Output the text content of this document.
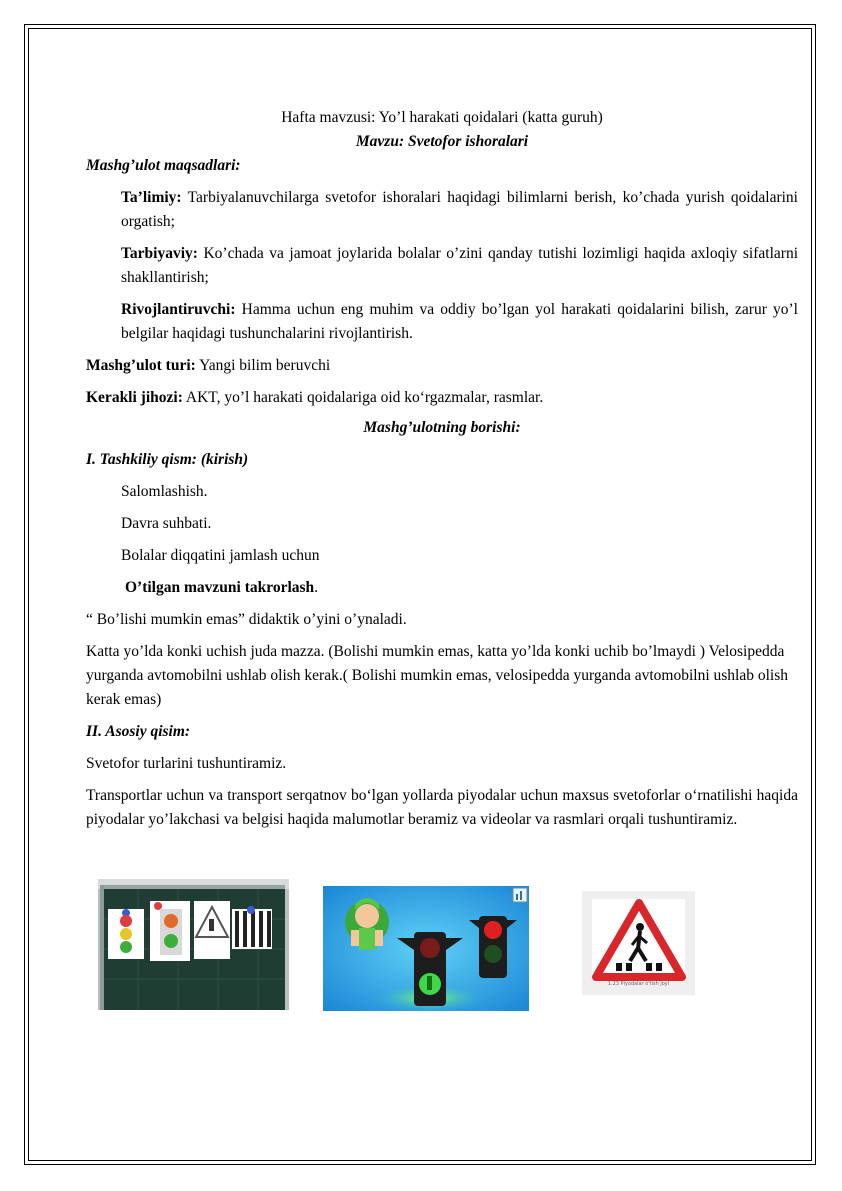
Hafta mavzusi: Yo’l harakati qoidalari (katta guruh)

Mavzu: Svetofor ishoralari

Mashg’ulot maqsadlari:

Ta’limiy: Tarbiyalanuvchilarga svetofor ishoralari haqidagi bilimlarni berish, ko’chada yurish qoidalarini orgatish;

Tarbiyaviy: Ko’chada va jamoat joylarida bolalar o’zini qanday tutishi lozimligi haqida axloqiy sifatlarni shakllantirish;

Rivojlantiruvchi: Hamma uchun eng muhim va oddiy bo’lgan yol harakati qoidalarini bilish, zarur yo’l belgilar haqidagi tushunchalarini rivojlantirish.

Mashg’ulot turi: Yangi bilim beruvchi

Kerakli jihozi: AKT, yo’l harakati qoidalariga oid ko‘rgazmalar, rasmlar.

Mashg’ulotning borishi:

I. Tashkiliy qism: (kirish)

Salomlashish.

Davra suhbati.

Bolalar diqqatini jamlash uchun

O’tilgan mavzuni takrorlash.

“ Bo’lishi mumkin emas” didaktik o’yini o’ynaladi.

Katta yo’lda konki uchish juda mazza. (Bolishi mumkin emas, katta yo’lda konki uchib bo’lmaydi ) Velosipedda yurganda avtomobilni ushlab olish kerak.( Bolishi mumkin emas, velosipedda yurganda avtomobilni ushlab olish kerak emas)

II. Asosiy qisim:

Svetofor turlarini tushuntiramiz.

Transportlar uchun va transport serqatnov bo‘lgan yollarda piyodalar uchun maxsus svetoforlar o‘rnatilishi haqida piyodalar yo’lakchasi va belgisi haqida malumotlar beramiz va videolar va rasmlari orqali tushuntiramiz.

1.23 Piyodalar o'tish joyi
